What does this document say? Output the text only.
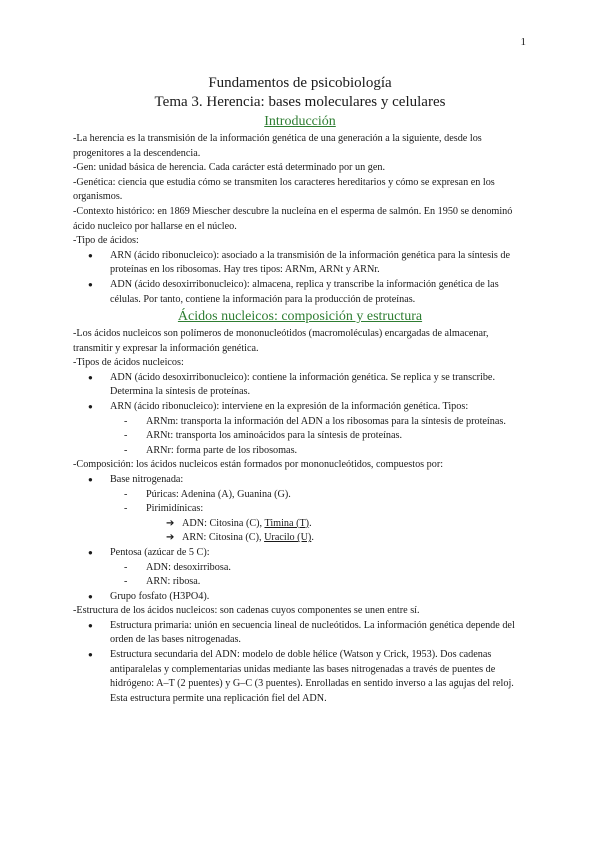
1
Fundamentos de psicobiología
Tema 3. Herencia: bases moleculares y celulares
Introducción

-La herencia es la transmisión de la información genética de una generación a la siguiente, desde los progenitores a la descendencia.

-Gen: unidad básica de herencia. Cada carácter está determinado por un gen.

-Genética: ciencia que estudia cómo se transmiten los caracteres hereditarios y cómo se expresan en los organismos.

-Contexto histórico: en 1869 Miescher descubre la nucleína en el esperma de salmón. En 1950 se denominó ácido nucleico por hallarse en el núcleo.

-Tipo de ácidos:

● ARN (ácido ribonucleico): asociado a la transmisión de la información genética para la síntesis de proteínas en los ribosomas. Hay tres tipos: ARNm, ARNt y ARNr.
● ADN (ácido desoxirribonucleico): almacena, replica y transcribe la información genética de las células. Por tanto, contiene la información para la producción de proteínas.
Ácidos nucleicos: composición y estructura

-Los ácidos nucleicos son polímeros de mononucleótidos (macromoléculas) encargadas de almacenar, transmitir y expresar la información genética.

-Tipos de ácidos nucleicos:

● ADN (ácido desoxirribonucleico): contiene la información genética. Se replica y se transcribe. Determina la síntesis de proteínas.
● ARN (ácido ribonucleico): interviene en la expresión de la información genética. Tipos:
- ARNm: transporta la información del ADN a los ribosomas para la síntesis de proteínas.
- ARNt: transporta los aminoácidos para la síntesis de proteínas.
- ARNr: forma parte de los ribosomas.

-Composición: los ácidos nucleicos están formados por mononucleótidos, compuestos por:

● Base nitrogenada:
- Púricas: Adenina (A), Guanina (G).
- Pirimidínicas:
➔ ADN: Citosina (C), Timina (T).
➔ ARN: Citosina (C), Uracilo (U).
● Pentosa (azúcar de 5 C):
- ADN: desoxirribosa.
- ARN: ribosa.
● Grupo fosfato (H3PO4).

-Estructura de los ácidos nucleicos: son cadenas cuyos componentes se unen entre sí.

● Estructura primaria: unión en secuencia lineal de nucleótidos. La información genética depende del orden de las bases nitrogenadas.
● Estructura secundaria del ADN: modelo de doble hélice (Watson y Crick, 1953). Dos cadenas antiparalelas y complementarias unidas mediante las bases nitrogenadas a través de puentes de hidrógeno: A–T (2 puentes) y G–C (3 puentes). Enrolladas en sentido inverso a las agujas del reloj. Esta estructura permite una replicación fiel del ADN.
